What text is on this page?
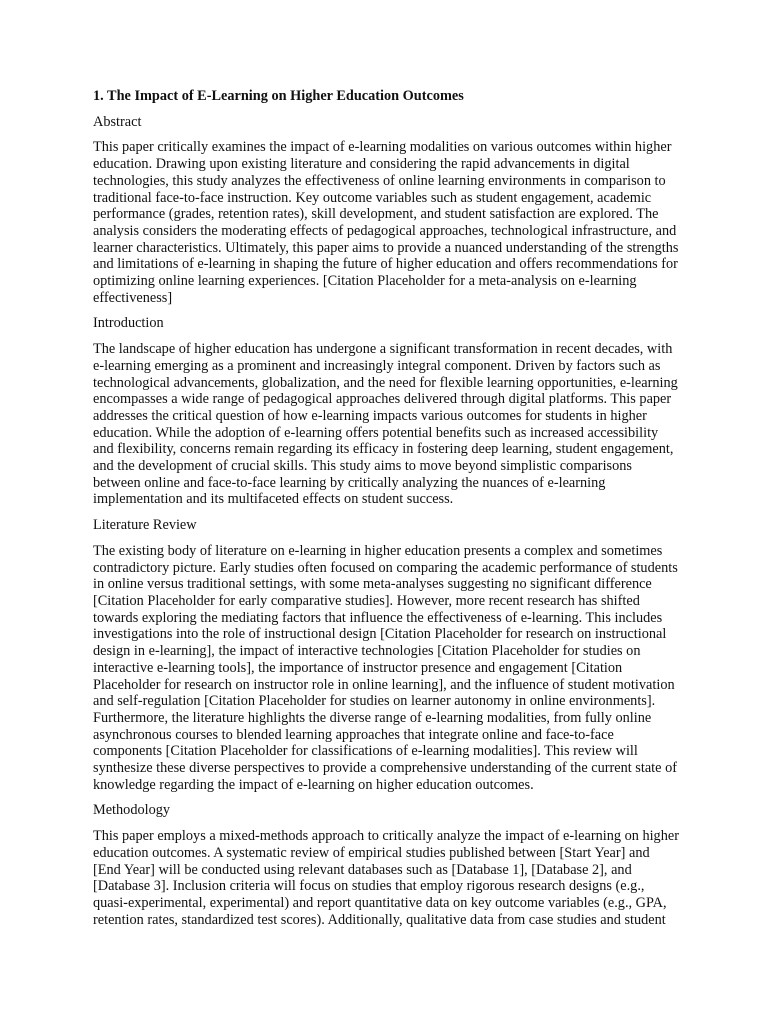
1. The Impact of E-Learning on Higher Education Outcomes
Abstract
This paper critically examines the impact of e-learning modalities on various outcomes within higher
education. Drawing upon existing literature and considering the rapid advancements in digital
technologies, this study analyzes the effectiveness of online learning environments in comparison to
traditional face-to-face instruction. Key outcome variables such as student engagement, academic
performance (grades, retention rates), skill development, and student satisfaction are explored. The
analysis considers the moderating effects of pedagogical approaches, technological infrastructure, and
learner characteristics. Ultimately, this paper aims to provide a nuanced understanding of the strengths
and limitations of e-learning in shaping the future of higher education and offers recommendations for
optimizing online learning experiences. [Citation Placeholder for a meta-analysis on e-learning
effectiveness]
Introduction
The landscape of higher education has undergone a significant transformation in recent decades, with
e-learning emerging as a prominent and increasingly integral component. Driven by factors such as
technological advancements, globalization, and the need for flexible learning opportunities, e-learning
encompasses a wide range of pedagogical approaches delivered through digital platforms. This paper
addresses the critical question of how e-learning impacts various outcomes for students in higher
education. While the adoption of e-learning offers potential benefits such as increased accessibility
and flexibility, concerns remain regarding its efficacy in fostering deep learning, student engagement,
and the development of crucial skills. This study aims to move beyond simplistic comparisons
between online and face-to-face learning by critically analyzing the nuances of e-learning
implementation and its multifaceted effects on student success.
Literature Review
The existing body of literature on e-learning in higher education presents a complex and sometimes
contradictory picture. Early studies often focused on comparing the academic performance of students
in online versus traditional settings, with some meta-analyses suggesting no significant difference
[Citation Placeholder for early comparative studies]. However, more recent research has shifted
towards exploring the mediating factors that influence the effectiveness of e-learning. This includes
investigations into the role of instructional design [Citation Placeholder for research on instructional
design in e-learning], the impact of interactive technologies [Citation Placeholder for studies on
interactive e-learning tools], the importance of instructor presence and engagement [Citation
Placeholder for research on instructor role in online learning], and the influence of student motivation
and self-regulation [Citation Placeholder for studies on learner autonomy in online environments].
Furthermore, the literature highlights the diverse range of e-learning modalities, from fully online
asynchronous courses to blended learning approaches that integrate online and face-to-face
components [Citation Placeholder for classifications of e-learning modalities]. This review will
synthesize these diverse perspectives to provide a comprehensive understanding of the current state of
knowledge regarding the impact of e-learning on higher education outcomes.
Methodology
This paper employs a mixed-methods approach to critically analyze the impact of e-learning on higher
education outcomes. A systematic review of empirical studies published between [Start Year] and
[End Year] will be conducted using relevant databases such as [Database 1], [Database 2], and
[Database 3]. Inclusion criteria will focus on studies that employ rigorous research designs (e.g.,
quasi-experimental, experimental) and report quantitative data on key outcome variables (e.g., GPA,
retention rates, standardized test scores). Additionally, qualitative data from case studies and student
